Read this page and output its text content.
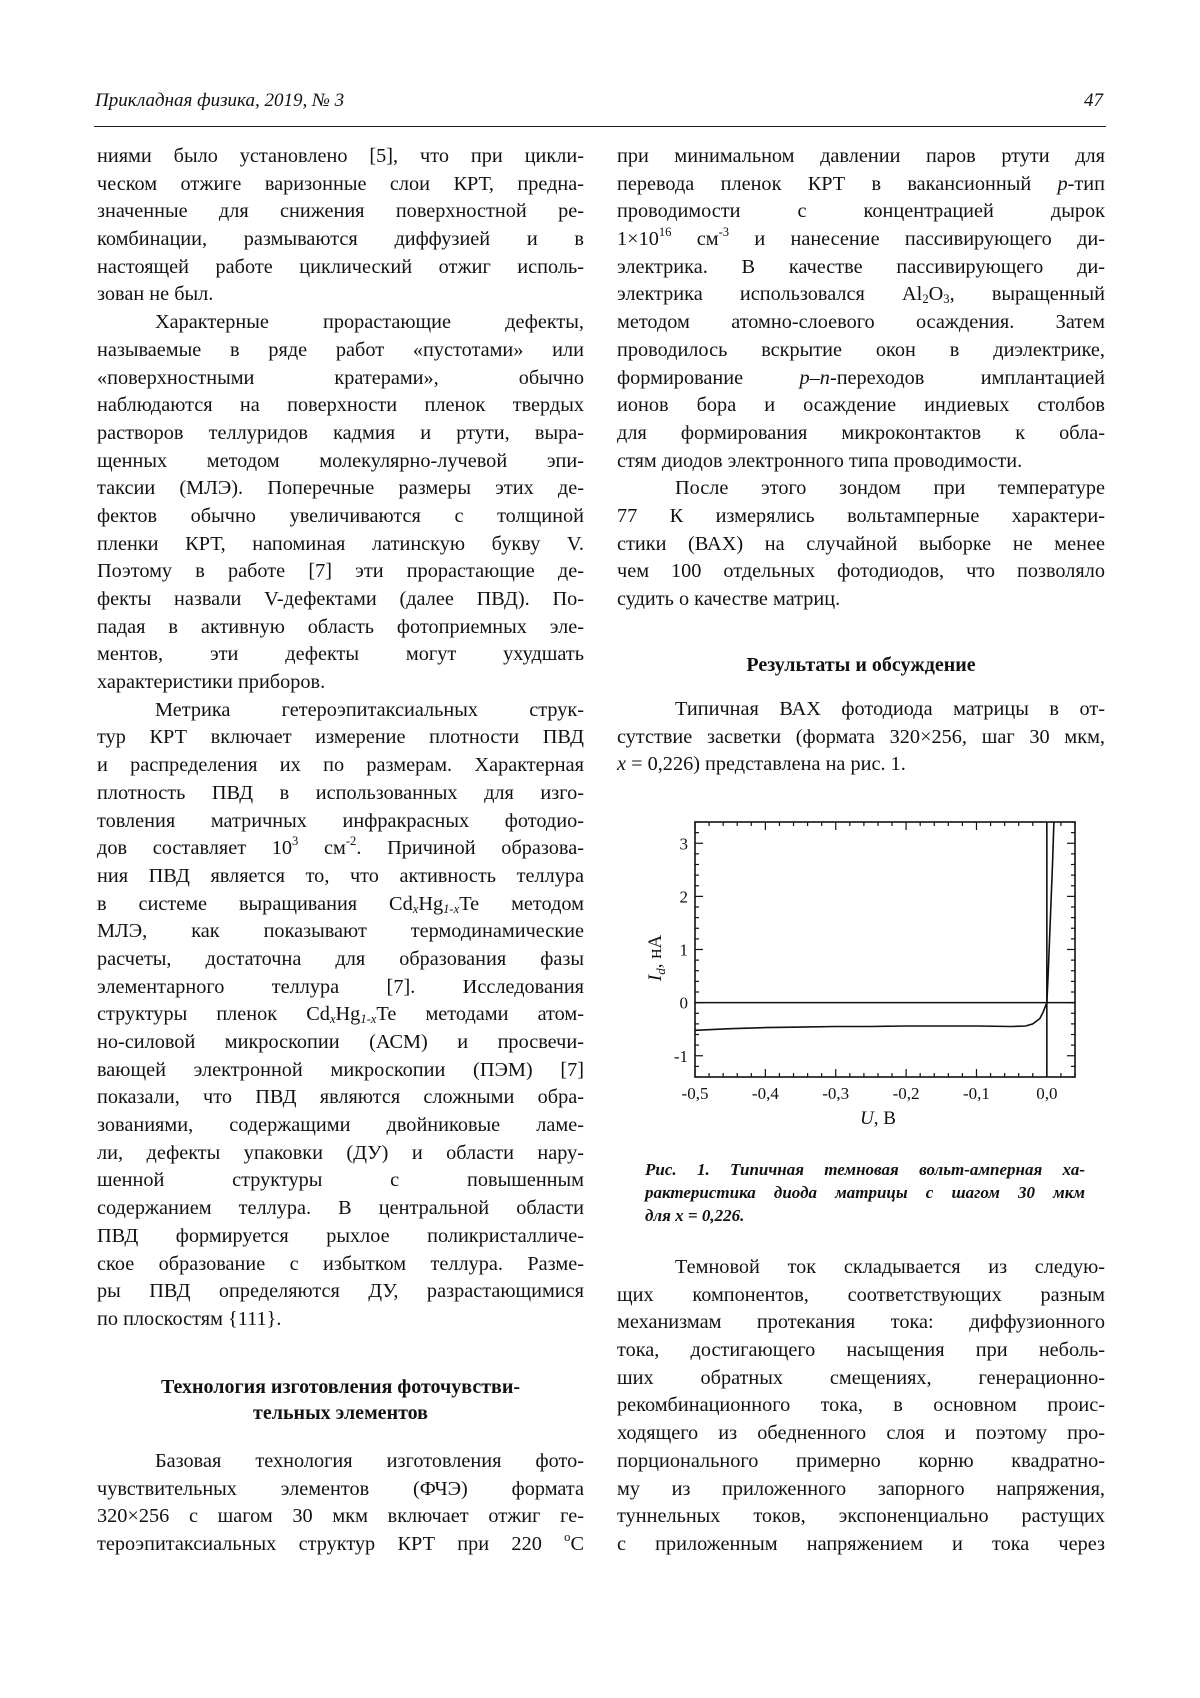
Прикладная физика, 2019, № 3	47
ниями было установлено [5], что при цикли-
ческом отжиге варизонные слои КРТ, предна-
значенные для снижения поверхностной ре-
комбинации, размываются диффузией и в
настоящей работе циклический отжиг исполь-
зован не был.
Характерные прорастающие дефекты,
называемые в ряде работ «пустотами» или
«поверхностными кратерами», обычно
наблюдаются на поверхности пленок твердых
растворов теллуридов кадмия и ртути, выра-
щенных методом молекулярно-лучевой эпи-
таксии (МЛЭ). Поперечные размеры этих де-
фектов обычно увеличиваются с толщиной
пленки КРТ, напоминая латинскую букву V.
Поэтому в работе [7] эти прорастающие де-
фекты назвали V-дефектами (далее ПВД). По-
падая в активную область фотоприемных эле-
ментов, эти дефекты могут ухудшать
характеристики приборов.
Метрика гетероэпитаксиальных струк-
тур КРТ включает измерение плотности ПВД
и распределения их по размерам. Характерная
плотность ПВД в использованных для изго-
товления матричных инфракрасных фотодио-
дов составляет $10^3$ $см^{-2}$. Причиной образова-
ния ПВД является то, что активность теллура
в системе выращивания $Cd_xHg_{1-x}Te$ методом
МЛЭ, как показывают термодинамические
расчеты, достаточна для образования фазы
элементарного теллура [7]. Исследования
структуры пленок $Cd_xHg_{1-x}Te$ методами атом-
но-силовой микроскопии (АСМ) и просвечи-
вающей электронной микроскопии (ПЭМ) [7]
показали, что ПВД являются сложными обра-
зованиями, содержащими двойниковые ламе-
ли, дефекты упаковки (ДУ) и области нару-
шенной структуры с повышенным
содержанием теллура. В центральной области
ПВД формируется рыхлое поликристалличе-
ское образование с избытком теллура. Разме-
ры ПВД определяются ДУ, разрастающимися
по плоскостям {111}.
Технология изготовления фоточувстви-
тельных элементов
Базовая технология изготовления фото-
чувствительных элементов (ФЧЭ) формата
320×256 с шагом 30 мкм включает отжиг ге-
тероэпитаксиальных структур КРТ при 220 $^o$C
при минимальном давлении паров ртути для
перевода пленок КРТ в вакансионный p-тип
проводимости с концентрацией дырок
$1\times 10^{16}$ $см^{-3}$ и нанесение пассивирующего ди-
электрика. В качестве пассивирующего ди-
электрика использовался $Al_2O_3$, выращенный
методом атомно-слоевого осаждения. Затем
проводилось вскрытие окон в диэлектрике,
формирование p–n-переходов имплантацией
ионов бора и осаждение индиевых столбов
для формирования микроконтактов к обла-
стям диодов электронного типа проводимости.
После этого зондом при температуре
77 К измерялись вольтамперные характери-
стики (ВАХ) на случайной выборке не менее
чем 100 отдельных фотодиодов, что позволяло
судить о качестве матриц.
Результаты и обсуждение
Типичная ВАХ фотодиода матрицы в от-
сутствие засветки (формата 320×256, шаг 30 мкм,
x = 0,226) представлена на рис. 1.
-0,5	-0,4	-0,3	-0,2	-0,1	0,0
-1
0
1
2
3
U, В
$I_d$, нА
Рис. 1. Типичная темновая вольт-амперная ха-
рактеристика диода матрицы с шагом 30 мкм
для x = 0,226.
Темновой ток складывается из следую-
щих компонентов, соответствующих разным
механизмам протекания тока: диффузионного
тока, достигающего насыщения при неболь-
ших обратных смещениях, генерационно-
рекомбинационного тока, в основном проис-
ходящего из обедненного слоя и поэтому про-
порционального примерно корню квадратно-
му из приложенного запорного напряжения,
туннельных токов, экспоненциально растущих
с приложенным напряжением и тока через
